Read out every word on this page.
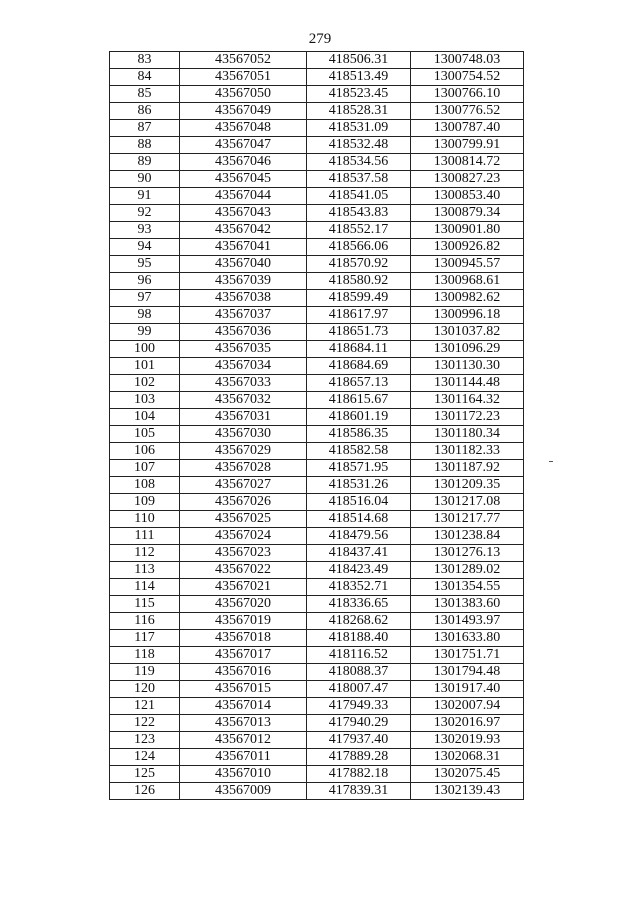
279
83	43567052	418506.31	1300748.03
84	43567051	418513.49	1300754.52
85	43567050	418523.45	1300766.10
86	43567049	418528.31	1300776.52
87	43567048	418531.09	1300787.40
88	43567047	418532.48	1300799.91
89	43567046	418534.56	1300814.72
90	43567045	418537.58	1300827.23
91	43567044	418541.05	1300853.40
92	43567043	418543.83	1300879.34
93	43567042	418552.17	1300901.80
94	43567041	418566.06	1300926.82
95	43567040	418570.92	1300945.57
96	43567039	418580.92	1300968.61
97	43567038	418599.49	1300982.62
98	43567037	418617.97	1300996.18
99	43567036	418651.73	1301037.82
100	43567035	418684.11	1301096.29
101	43567034	418684.69	1301130.30
102	43567033	418657.13	1301144.48
103	43567032	418615.67	1301164.32
104	43567031	418601.19	1301172.23
105	43567030	418586.35	1301180.34
106	43567029	418582.58	1301182.33
107	43567028	418571.95	1301187.92
108	43567027	418531.26	1301209.35
109	43567026	418516.04	1301217.08
110	43567025	418514.68	1301217.77
111	43567024	418479.56	1301238.84
112	43567023	418437.41	1301276.13
113	43567022	418423.49	1301289.02
114	43567021	418352.71	1301354.55
115	43567020	418336.65	1301383.60
116	43567019	418268.62	1301493.97
117	43567018	418188.40	1301633.80
118	43567017	418116.52	1301751.71
119	43567016	418088.37	1301794.48
120	43567015	418007.47	1301917.40
121	43567014	417949.33	1302007.94
122	43567013	417940.29	1302016.97
123	43567012	417937.40	1302019.93
124	43567011	417889.28	1302068.31
125	43567010	417882.18	1302075.45
126	43567009	417839.31	1302139.43
